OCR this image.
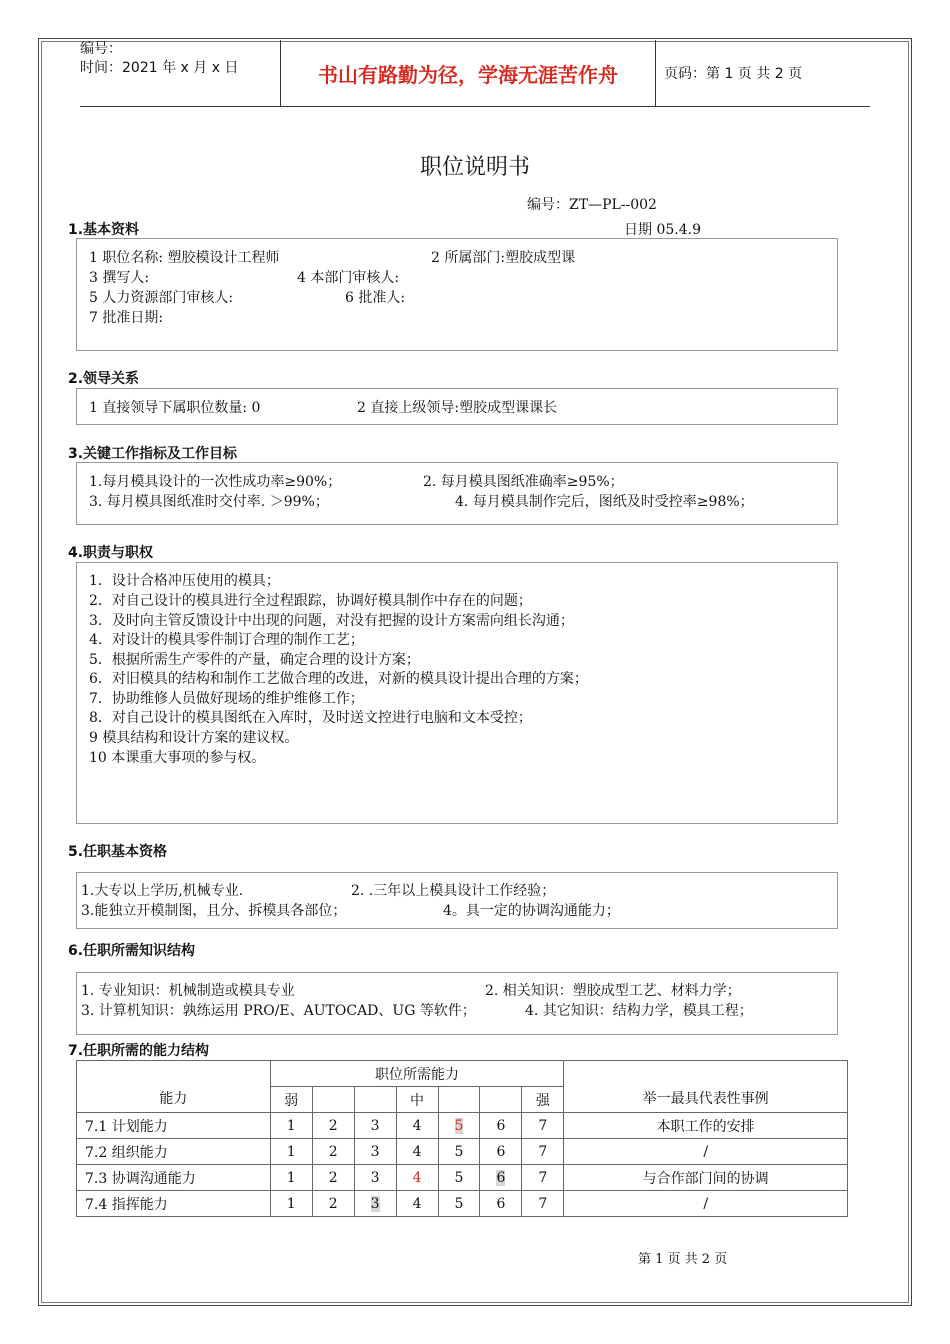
编号：
时间：2021 年 x 月 x 日	书山有路勤为径，学海无涯苦作舟	页码：第 1 页 共 2 页
职位说明书
编号：ZT—PL--002
1.基本资料	日期 05.4.9
1 职位名称: 塑胶模设计工程师	2 所属部门:塑胶成型课
3 撰写人:	4 本部门审核人:
5 人力资源部门审核人:	6 批准人:
7 批准日期:
2.领导关系
1 直接领导下属职位数量: 0	2 直接上级领导:塑胶成型课课长
3.关键工作指标及工作目标
1.每月模具设计的一次性成功率≥90%；	2. 每月模具图纸准确率≥95%；
3. 每月模具图纸准时交付率. ＞99%；	4. 每月模具制作完后，图纸及时受控率≥98%；
4.职责与职权
1．设计合格冲压使用的模具；
2．对自己设计的模具进行全过程跟踪，协调好模具制作中存在的问题；
3．及时向主管反馈设计中出现的问题，对没有把握的设计方案需向组长沟通；
4．对设计的模具零件制订合理的制作工艺；
5．根据所需生产零件的产量，确定合理的设计方案；
6．对旧模具的结构和制作工艺做合理的改进，对新的模具设计提出合理的方案；
7．协助维修人员做好现场的维护维修工作；
8．对自己设计的模具图纸在入库时，及时送文控进行电脑和文本受控；
9 模具结构和设计方案的建议权。
10 本课重大事项的参与权。
5.任职基本资格
1.大专以上学历,机械专业.	2. .三年以上模具设计工作经验；
3.能独立开模制图，且分、拆模具各部位；	4。具一定的协调沟通能力；
6.任职所需知识结构
1. 专业知识：机械制造或模具专业	2. 相关知识：塑胶成型工艺、材料力学；
3. 计算机知识：孰练运用 PRO/E、AUTOCAD、UG 等软件；	4. 其它知识：结构力学，模具工程；
7.任职所需的能力结构
能力	职位所需能力							举一最具代表性事例
	弱			中			强	
7.1 计划能力	1	2	3	4	5	6	7	本职工作的安排
7.2 组织能力	1	2	3	4	5	6	7	/
7.3 协调沟通能力	1	2	3	4	5	6	7	与合作部门间的协调
7.4 指挥能力	1	2	3	4	5	6	7	/
第 1 页 共 2 页
